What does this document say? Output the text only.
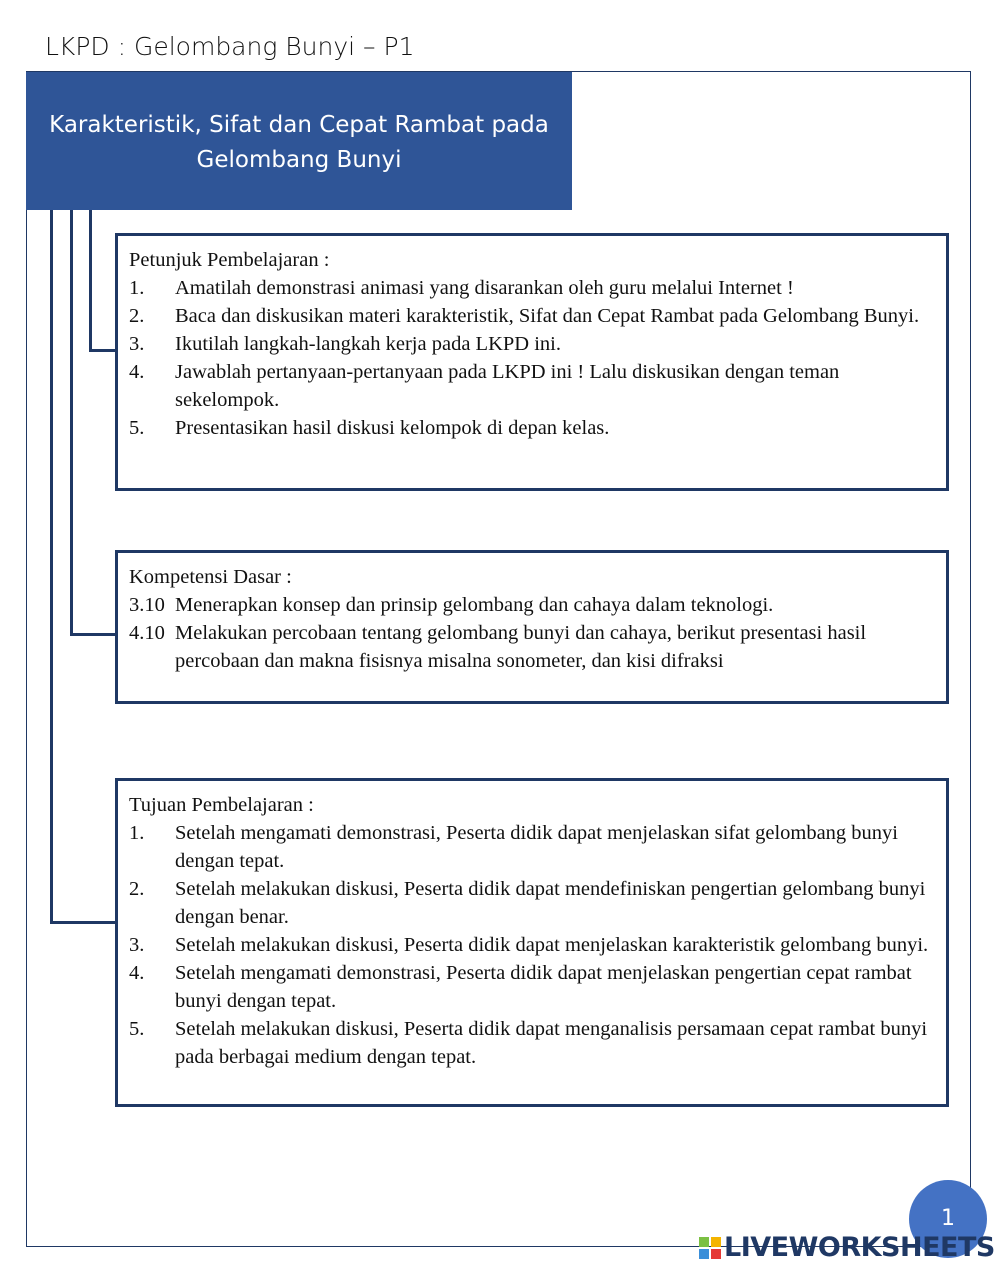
LKPD : Gelombang Bunyi – P1
Karakteristik, Sifat dan Cepat Rambat pada
Gelombang Bunyi
Petunjuk Pembelajaran :
1.	Amatilah demonstrasi animasi yang disarankan oleh guru melalui Internet !
2.	Baca dan diskusikan materi karakteristik, Sifat dan Cepat Rambat pada Gelombang Bunyi.
3.	Ikutilah langkah-langkah kerja pada LKPD ini.
4.	Jawablah pertanyaan-pertanyaan pada LKPD ini ! Lalu diskusikan dengan teman sekelompok.
5.	Presentasikan hasil diskusi kelompok di depan kelas.
Kompetensi Dasar :
3.10 Menerapkan konsep dan prinsip gelombang dan cahaya dalam teknologi.
4.10 Melakukan percobaan tentang gelombang bunyi dan cahaya, berikut presentasi hasil percobaan dan makna fisisnya misalna sonometer, dan kisi difraksi
Tujuan Pembelajaran :
1.	Setelah mengamati demonstrasi, Peserta didik dapat menjelaskan sifat gelombang bunyi dengan tepat.
2.	Setelah melakukan diskusi, Peserta didik dapat mendefiniskan pengertian gelombang bunyi dengan benar.
3.	Setelah melakukan diskusi, Peserta didik dapat menjelaskan karakteristik gelombang bunyi.
4.	Setelah mengamati demonstrasi, Peserta didik dapat menjelaskan pengertian cepat rambat bunyi dengan tepat.
5.	Setelah melakukan diskusi, Peserta didik dapat menganalisis persamaan cepat rambat bunyi pada berbagai medium dengan tepat.
1
LIVEWORKSHEETS
